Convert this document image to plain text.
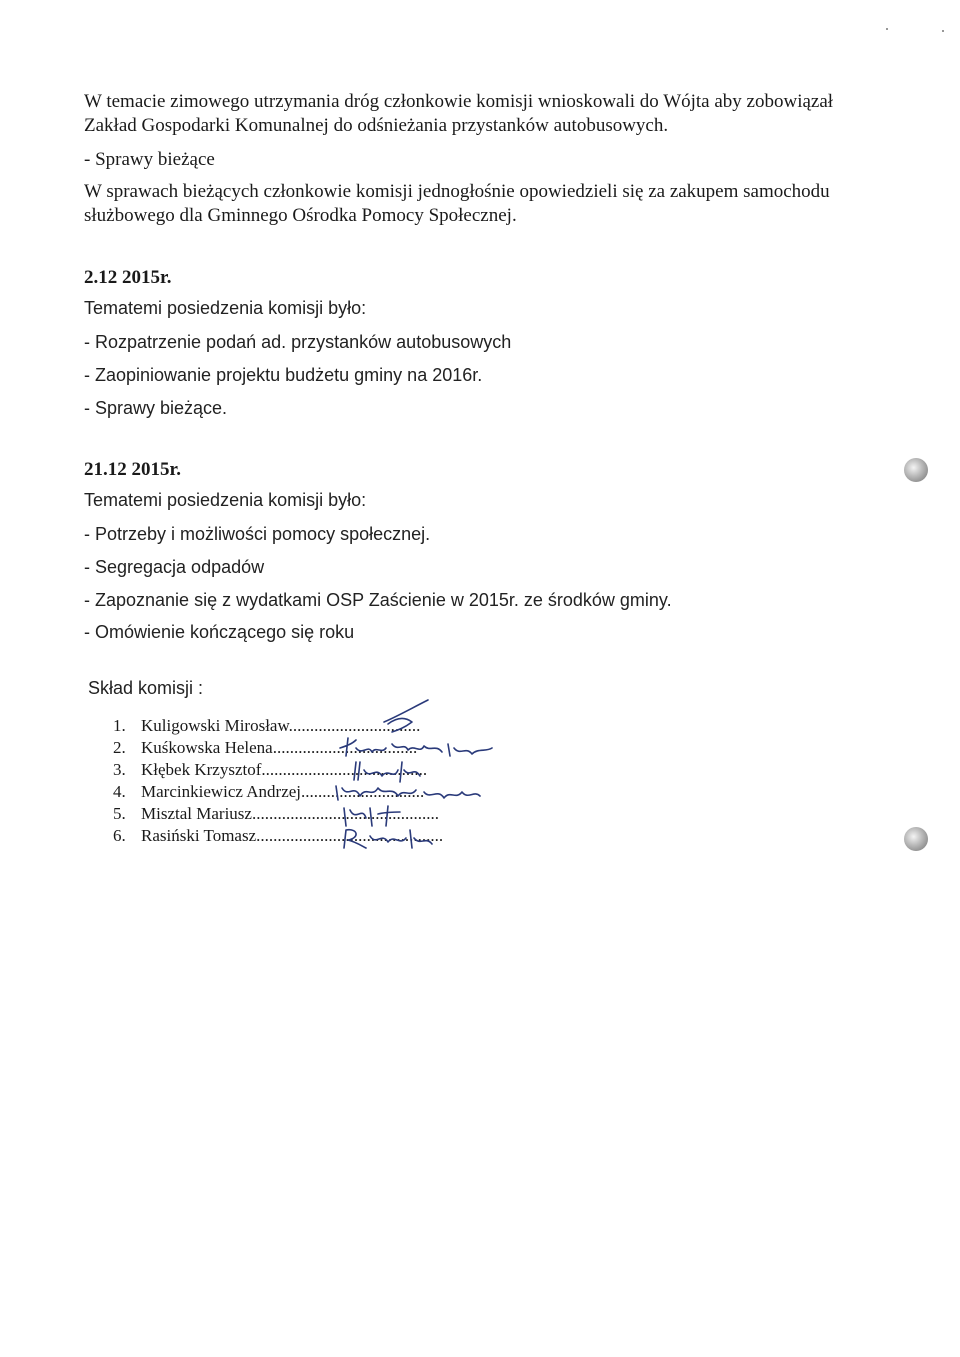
W temacie zimowego utrzymania dróg członkowie komisji wnioskowali do Wójta aby zobowiązał
Zakład Gospodarki Komunalnej do odśnieżania przystanków autobusowych.
- Sprawy bieżące
W sprawach bieżących członkowie komisji jednogłośnie opowiedzieli się za zakupem samochodu
służbowego dla Gminnego Ośrodka Pomocy Społecznej.
2.12 2015r.
Tematemi posiedzenia komisji było:
- Rozpatrzenie podań ad. przystanków autobusowych
- Zaopiniowanie projektu budżetu gminy na 2016r.
- Sprawy bieżące.
21.12 2015r.
Tematemi posiedzenia komisji było:
- Potrzeby i możliwości pomocy społecznej.
- Segregacja odpadów
- Zapoznanie się z wydatkami OSP Zaścienie w 2015r. ze środków gminy.
- Omówienie kończącego się roku
Skład komisji :
1. Kuligowski Mirosław...............................
2. Kuśkowska Helena..................................
3. Kłębek Krzysztof.......................................
4. Marcinkiewicz Andrzej.............................
5. Misztal Mariusz............................................
6. Rasiński Tomasz............................................
